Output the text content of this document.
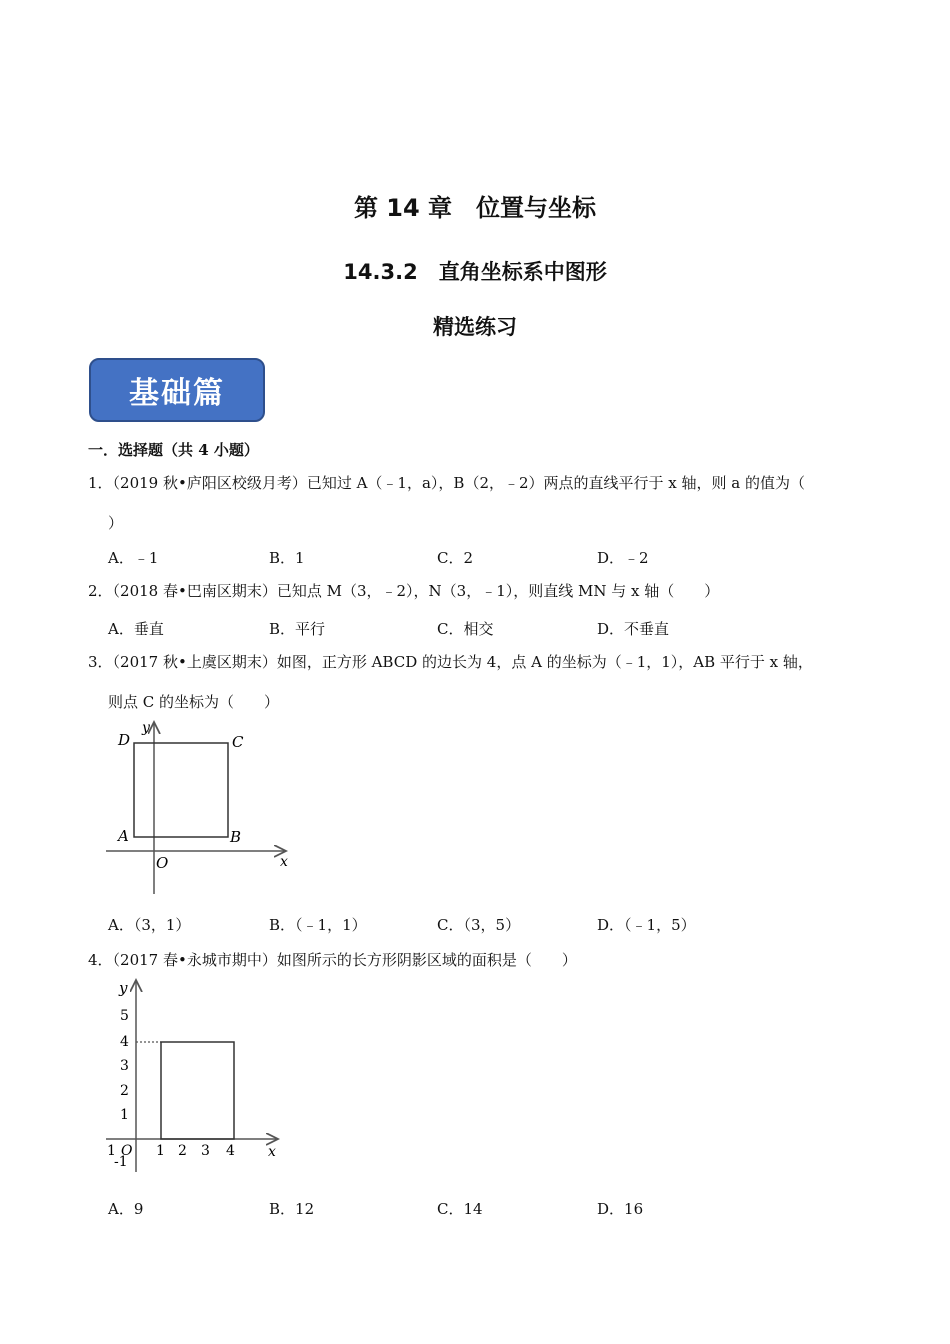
第 14 章　位置与坐标
14.3.2　直角坐标系中图形
精选练习
基础篇
一．选择题（共 4 小题）
1．（2019 秋•庐阳区校级月考）已知过 A（﹣1，a），B（2，﹣2）两点的直线平行于 x 轴，则 a 的值为（
）
A．﹣1	B．1	C．2	D．﹣2
2．（2018 春•巴南区期末）已知点 M（3，﹣2），N（3，﹣1），则直线 MN 与 x 轴（　　）
A．垂直	B．平行	C．相交	D．不垂直
3．（2017 秋•上虞区期末）如图，正方形 ABCD 的边长为 4，点 A 的坐标为（﹣1，1），AB 平行于 x 轴，
则点 C 的坐标为（　　）
D	C
A	B
O	x
y
A．（3，1）	B．（﹣1，1）	C．（3，5）	D．（﹣1，5）
4．（2017 春•永城市期中）如图所示的长方形阴影区域的面积是（　　）
y
5
4
3
2
1
-1
1 O 1 2 3 4 x
A．9	B．12	C．14	D．16
